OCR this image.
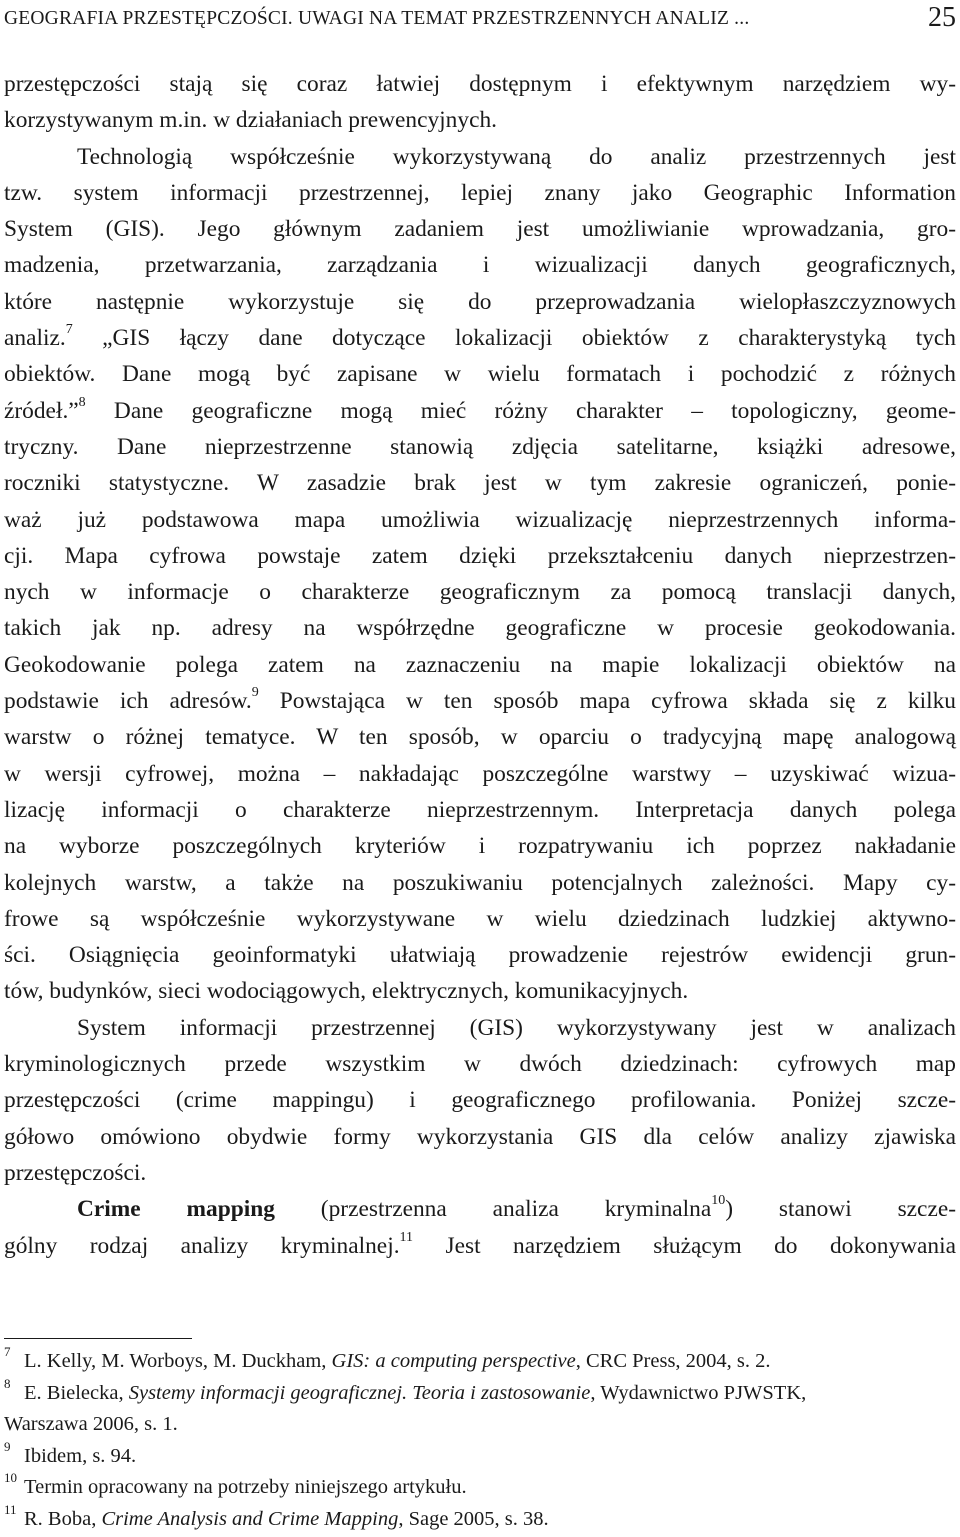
GEOGRAFIA PRZESTĘPCZOŚCI. UWAGI NA TEMAT PRZESTRZENNYCH ANALIZ ...	25
przestępczości stają się coraz łatwiej dostępnym i efektywnym narzędziem wy-
korzystywanym m.in. w działaniach prewencyjnych.
Technologią współcześnie wykorzystywaną do analiz przestrzennych jest
tzw. system informacji przestrzennej, lepiej znany jako Geographic Information
System (GIS). Jego głównym zadaniem jest umożliwianie wprowadzania, gro-
madzenia, przetwarzania, zarządzania i wizualizacji danych geograficznych,
które następnie wykorzystuje się do przeprowadzania wielopłaszczyznowych
analiz.$^7$ „GIS łączy dane dotyczące lokalizacji obiektów z charakterystyką tych
obiektów. Dane mogą być zapisane w wielu formatach i pochodzić z różnych
źródeł.”$^8$ Dane geograficzne mogą mieć różny charakter – topologiczny, geome-
tryczny. Dane nieprzestrzenne stanowią zdjęcia satelitarne, książki adresowe,
roczniki statystyczne. W zasadzie brak jest w tym zakresie ograniczeń, ponie-
waż już podstawowa mapa umożliwia wizualizację nieprzestrzennych informa-
cji. Mapa cyfrowa powstaje zatem dzięki przekształceniu danych nieprzestrzen-
nych w informacje o charakterze geograficznym za pomocą translacji danych,
takich jak np. adresy na współrzędne geograficzne w procesie geokodowania.
Geokodowanie polega zatem na zaznaczeniu na mapie lokalizacji obiektów na
podstawie ich adresów.$^9$ Powstająca w ten sposób mapa cyfrowa składa się z kilku
warstw o różnej tematyce. W ten sposób, w oparciu o tradycyjną mapę analogową
w wersji cyfrowej, można – nakładając poszczególne warstwy – uzyskiwać wizua-
lizację informacji o charakterze nieprzestrzennym. Interpretacja danych polega
na wyborze poszczególnych kryteriów i rozpatrywaniu ich poprzez nakładanie
kolejnych warstw, a także na poszukiwaniu potencjalnych zależności. Mapy cy-
frowe są współcześnie wykorzystywane w wielu dziedzinach ludzkiej aktywno-
ści. Osiągnięcia geoinformatyki ułatwiają prowadzenie rejestrów ewidencji grun-
tów, budynków, sieci wodociągowych, elektrycznych, komunikacyjnych.
System informacji przestrzennej (GIS) wykorzystywany jest w analizach
kryminologicznych przede wszystkim w dwóch dziedzinach: cyfrowych map
przestępczości (crime mappingu) i geograficznego profilowania. Poniżej szcze-
gółowo omówiono obydwie formy wykorzystania GIS dla celów analizy zjawiska
przestępczości.
Crime mapping (przestrzenna analiza kryminalna$^{10}$) stanowi szcze-
gólny rodzaj analizy kryminalnej.$^{11}$ Jest narzędziem służącym do dokonywania
7 L. Kelly, M. Worboys, M. Duckham, GIS: a computing perspective, CRC Press, 2004, s. 2.
8 E. Bielecka, Systemy informacji geograficznej. Teoria i zastosowanie, Wydawnictwo PJWSTK,
Warszawa 2006, s. 1.
9 Ibidem, s. 94.
10 Termin opracowany na potrzeby niniejszego artykułu.
11 R. Boba, Crime Analysis and Crime Mapping, Sage 2005, s. 38.
